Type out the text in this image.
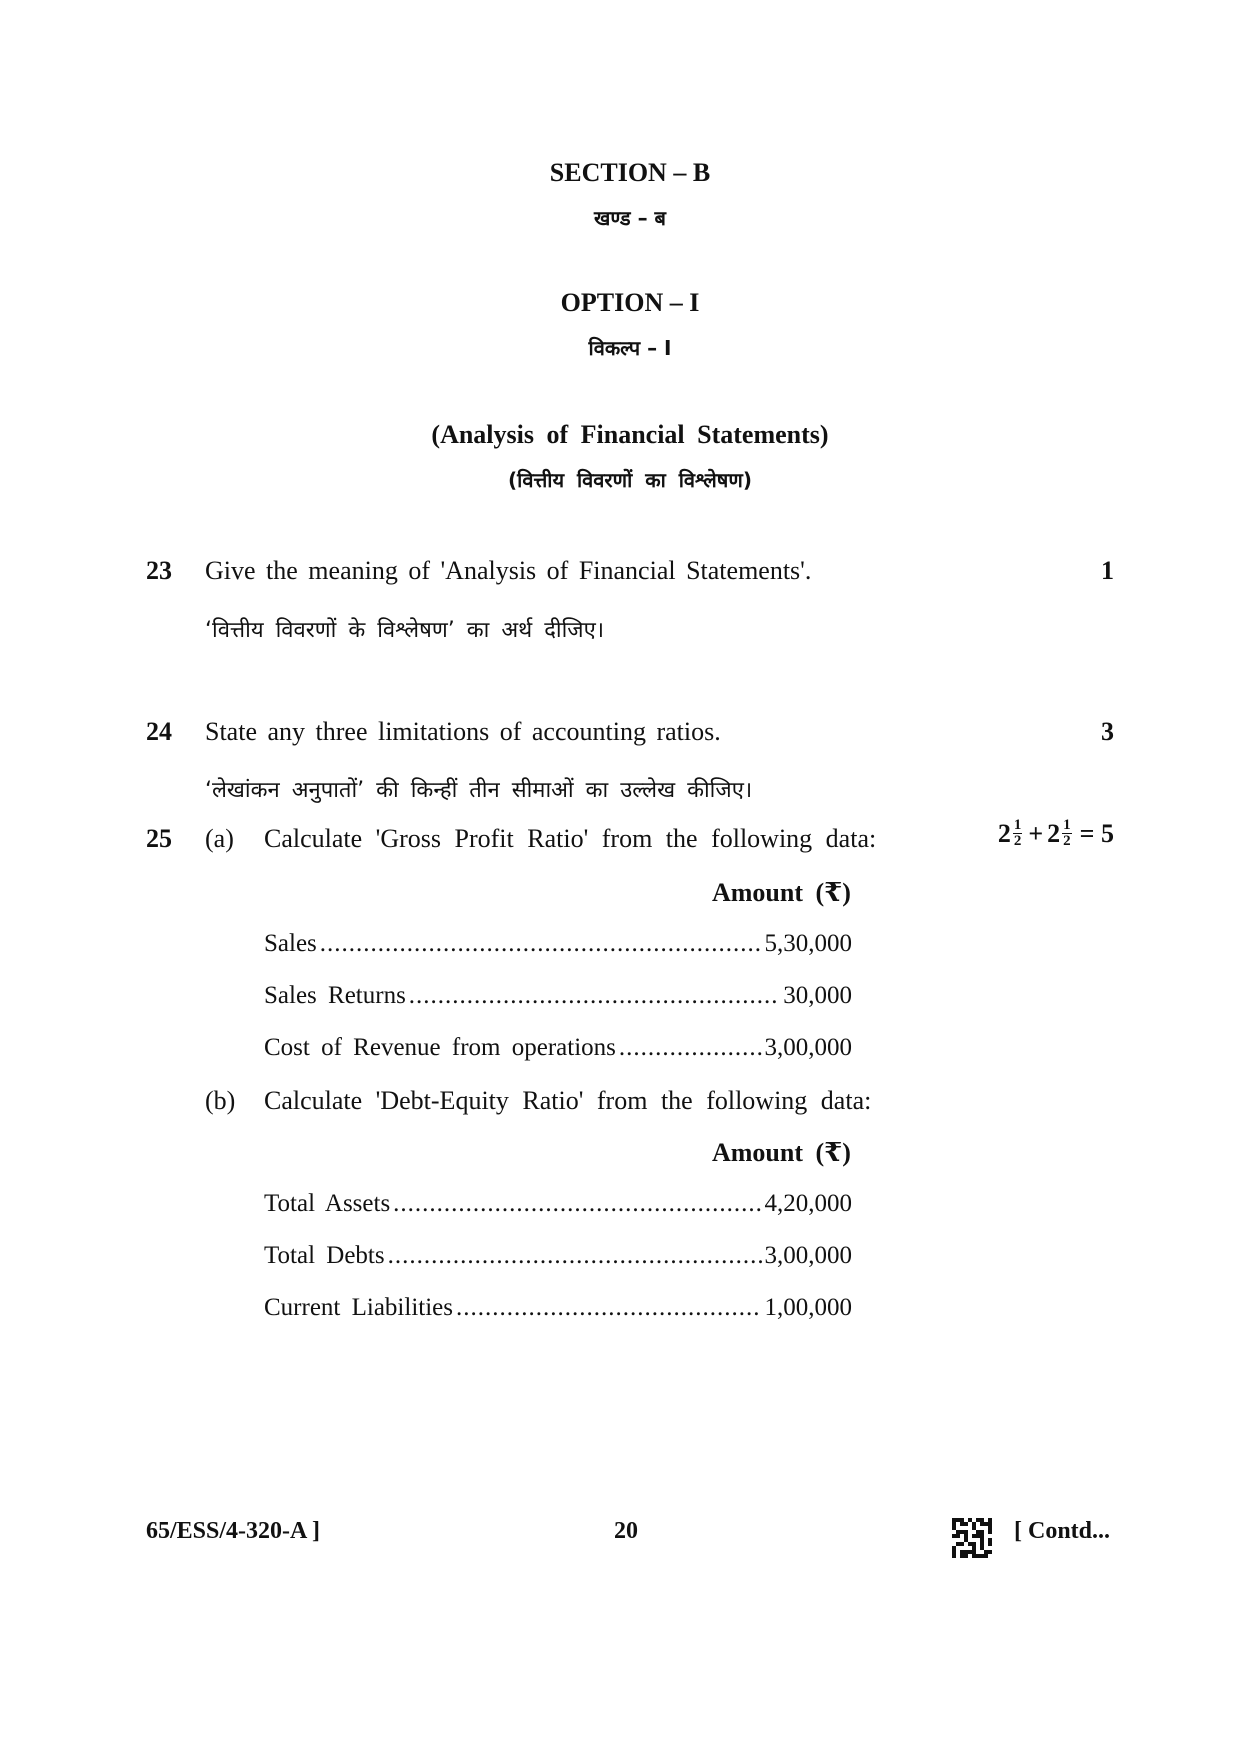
SECTION – B
खण्ड – ब
OPTION – I
विकल्प – I
(Analysis of Financial Statements)
(वित्तीय विवरणों का विश्लेषण)
23 Give the meaning of 'Analysis of Financial Statements'.	1
‘वित्तीय विवरणों के विश्लेषण’ का अर्थ दीजिए।
24 State any three limitations of accounting ratios.	3
‘लेखांकन अनुपातों’ की किन्हीं तीन सीमाओं का उल्लेख कीजिए।
25 (a) Calculate 'Gross Profit Ratio' from the following data:	$2 \frac{1}{2} + 2 \frac{1}{2} = 5$
Amount (₹)
Sales .....	5,30,000
Sales Returns .....	30,000
Cost of Revenue from operations .....	3,00,000
(b) Calculate 'Debt-Equity Ratio' from the following data:
Amount (₹)
Total Assets .....	4,20,000
Total Debts .....	3,00,000
Current Liabilities .....	1,00,000
65/ESS/4-320-A ]	20	[ Contd...
